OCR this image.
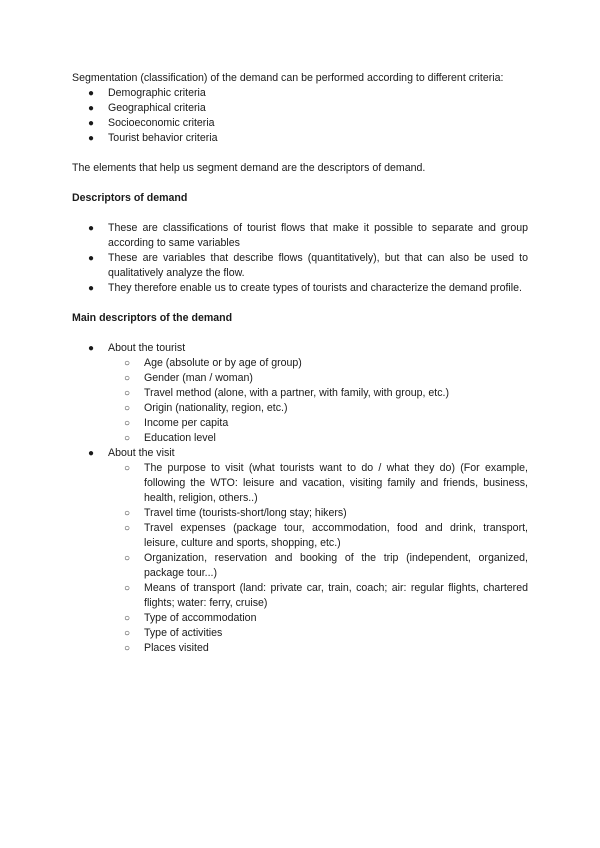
Segmentation (classification) of the demand can be performed according to different criteria:

● Demographic criteria
● Geographical criteria
● Socioeconomic criteria
● Tourist behavior criteria

The elements that help us segment demand are the descriptors of demand.

Descriptors of demand

● These are classifications of tourist flows that make it possible to separate and group according to same variables
● These are variables that describe flows (quantitatively), but that can also be used to qualitatively analyze the flow.
● They therefore enable us to create types of tourists and characterize the demand profile.

Main descriptors of the demand

● About the tourist
○ Age (absolute or by age of group)
○ Gender (man / woman)
○ Travel method (alone, with a partner, with family, with group, etc.)
○ Origin (nationality, region, etc.)
○ Income per capita
○ Education level
● About the visit
○ The purpose to visit (what tourists want to do / what they do) (For example, following the WTO: leisure and vacation, visiting family and friends, business, health, religion, others..)
○ Travel time (tourists-short/long stay; hikers)
○ Travel expenses (package tour, accommodation, food and drink, transport, leisure, culture and sports, shopping, etc.)
○ Organization, reservation and booking of the trip (independent, organized, package tour...)
○ Means of transport (land: private car, train, coach; air: regular flights, chartered flights; water: ferry, cruise)
○ Type of accommodation
○ Type of activities
○ Places visited
